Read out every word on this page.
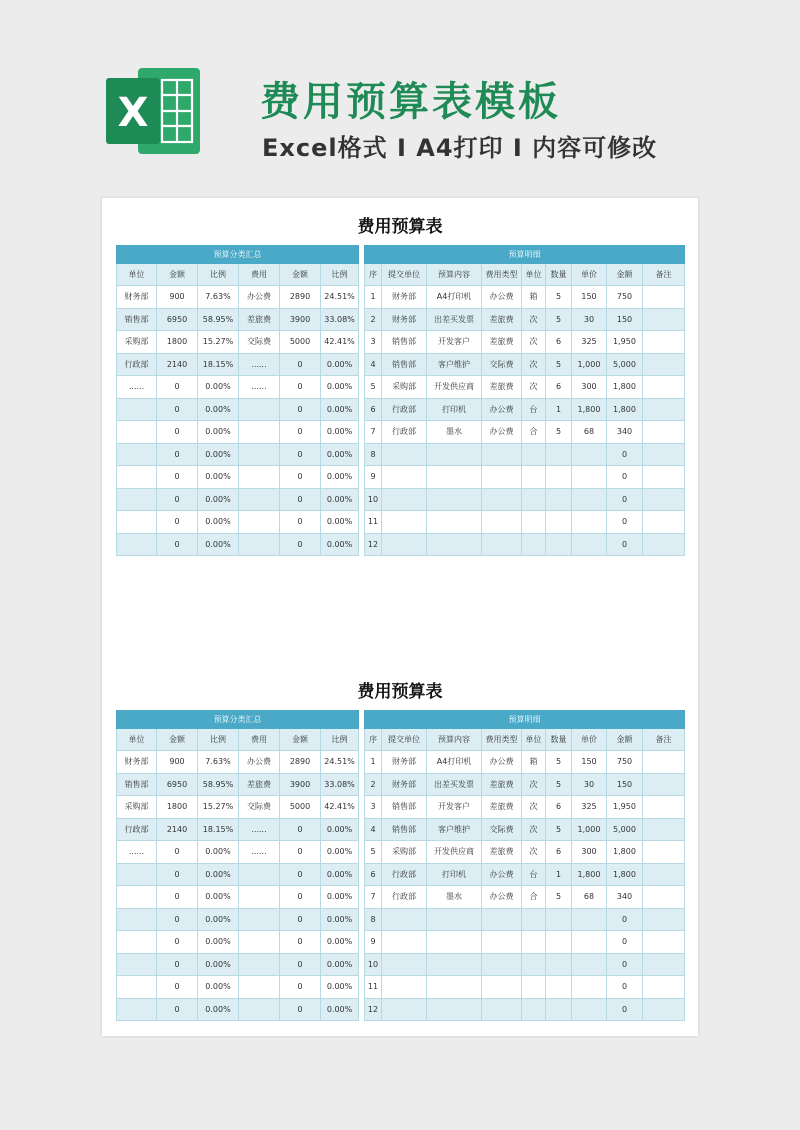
X	费用预算表模板
Excel格式 I A4打印 I 内容可修改
费用预算表
预算分类汇总					
单位	金额	比例	费用	金额	比例
财务部	900	7.63%	办公费	2890	24.51%
销售部	6950	58.95%	差旅费	3900	33.08%
采购部	1800	15.27%	交际费	5000	42.41%
行政部	2140	18.15%	......	0	0.00%
......	0	0.00%	......	0	0.00%
	0	0.00%		0	0.00%
	0	0.00%		0	0.00%
	0	0.00%		0	0.00%
	0	0.00%		0	0.00%
	0	0.00%		0	0.00%
	0	0.00%		0	0.00%
	0	0.00%		0	0.00%
预算明细								
序	提交单位	预算内容	费用类型	单位	数量	单价	金额	备注
1	财务部	A4打印机	办公费	箱	5	150	750	
2	财务部	出差买发票	差旅费	次	5	30	150	
3	销售部	开发客户	差旅费	次	6	325	1,950	
4	销售部	客户维护	交际费	次	5	1,000	5,000	
5	采购部	开发供应商	差旅费	次	6	300	1,800	
6	行政部	打印机	办公费	台	1	1,800	1,800	
7	行政部	墨水	办公费	合	5	68	340	
8							0	
9							0	
10							0	
11							0	
12							0	
费用预算表
预算分类汇总					
单位	金额	比例	费用	金额	比例
财务部	900	7.63%	办公费	2890	24.51%
销售部	6950	58.95%	差旅费	3900	33.08%
采购部	1800	15.27%	交际费	5000	42.41%
行政部	2140	18.15%	......	0	0.00%
......	0	0.00%	......	0	0.00%
	0	0.00%		0	0.00%
	0	0.00%		0	0.00%
	0	0.00%		0	0.00%
	0	0.00%		0	0.00%
	0	0.00%		0	0.00%
	0	0.00%		0	0.00%
	0	0.00%		0	0.00%
预算明细								
序	提交单位	预算内容	费用类型	单位	数量	单价	金额	备注
1	财务部	A4打印机	办公费	箱	5	150	750	
2	财务部	出差买发票	差旅费	次	5	30	150	
3	销售部	开发客户	差旅费	次	6	325	1,950	
4	销售部	客户维护	交际费	次	5	1,000	5,000	
5	采购部	开发供应商	差旅费	次	6	300	1,800	
6	行政部	打印机	办公费	台	1	1,800	1,800	
7	行政部	墨水	办公费	合	5	68	340	
8							0	
9							0	
10							0	
11							0	
12							0	
